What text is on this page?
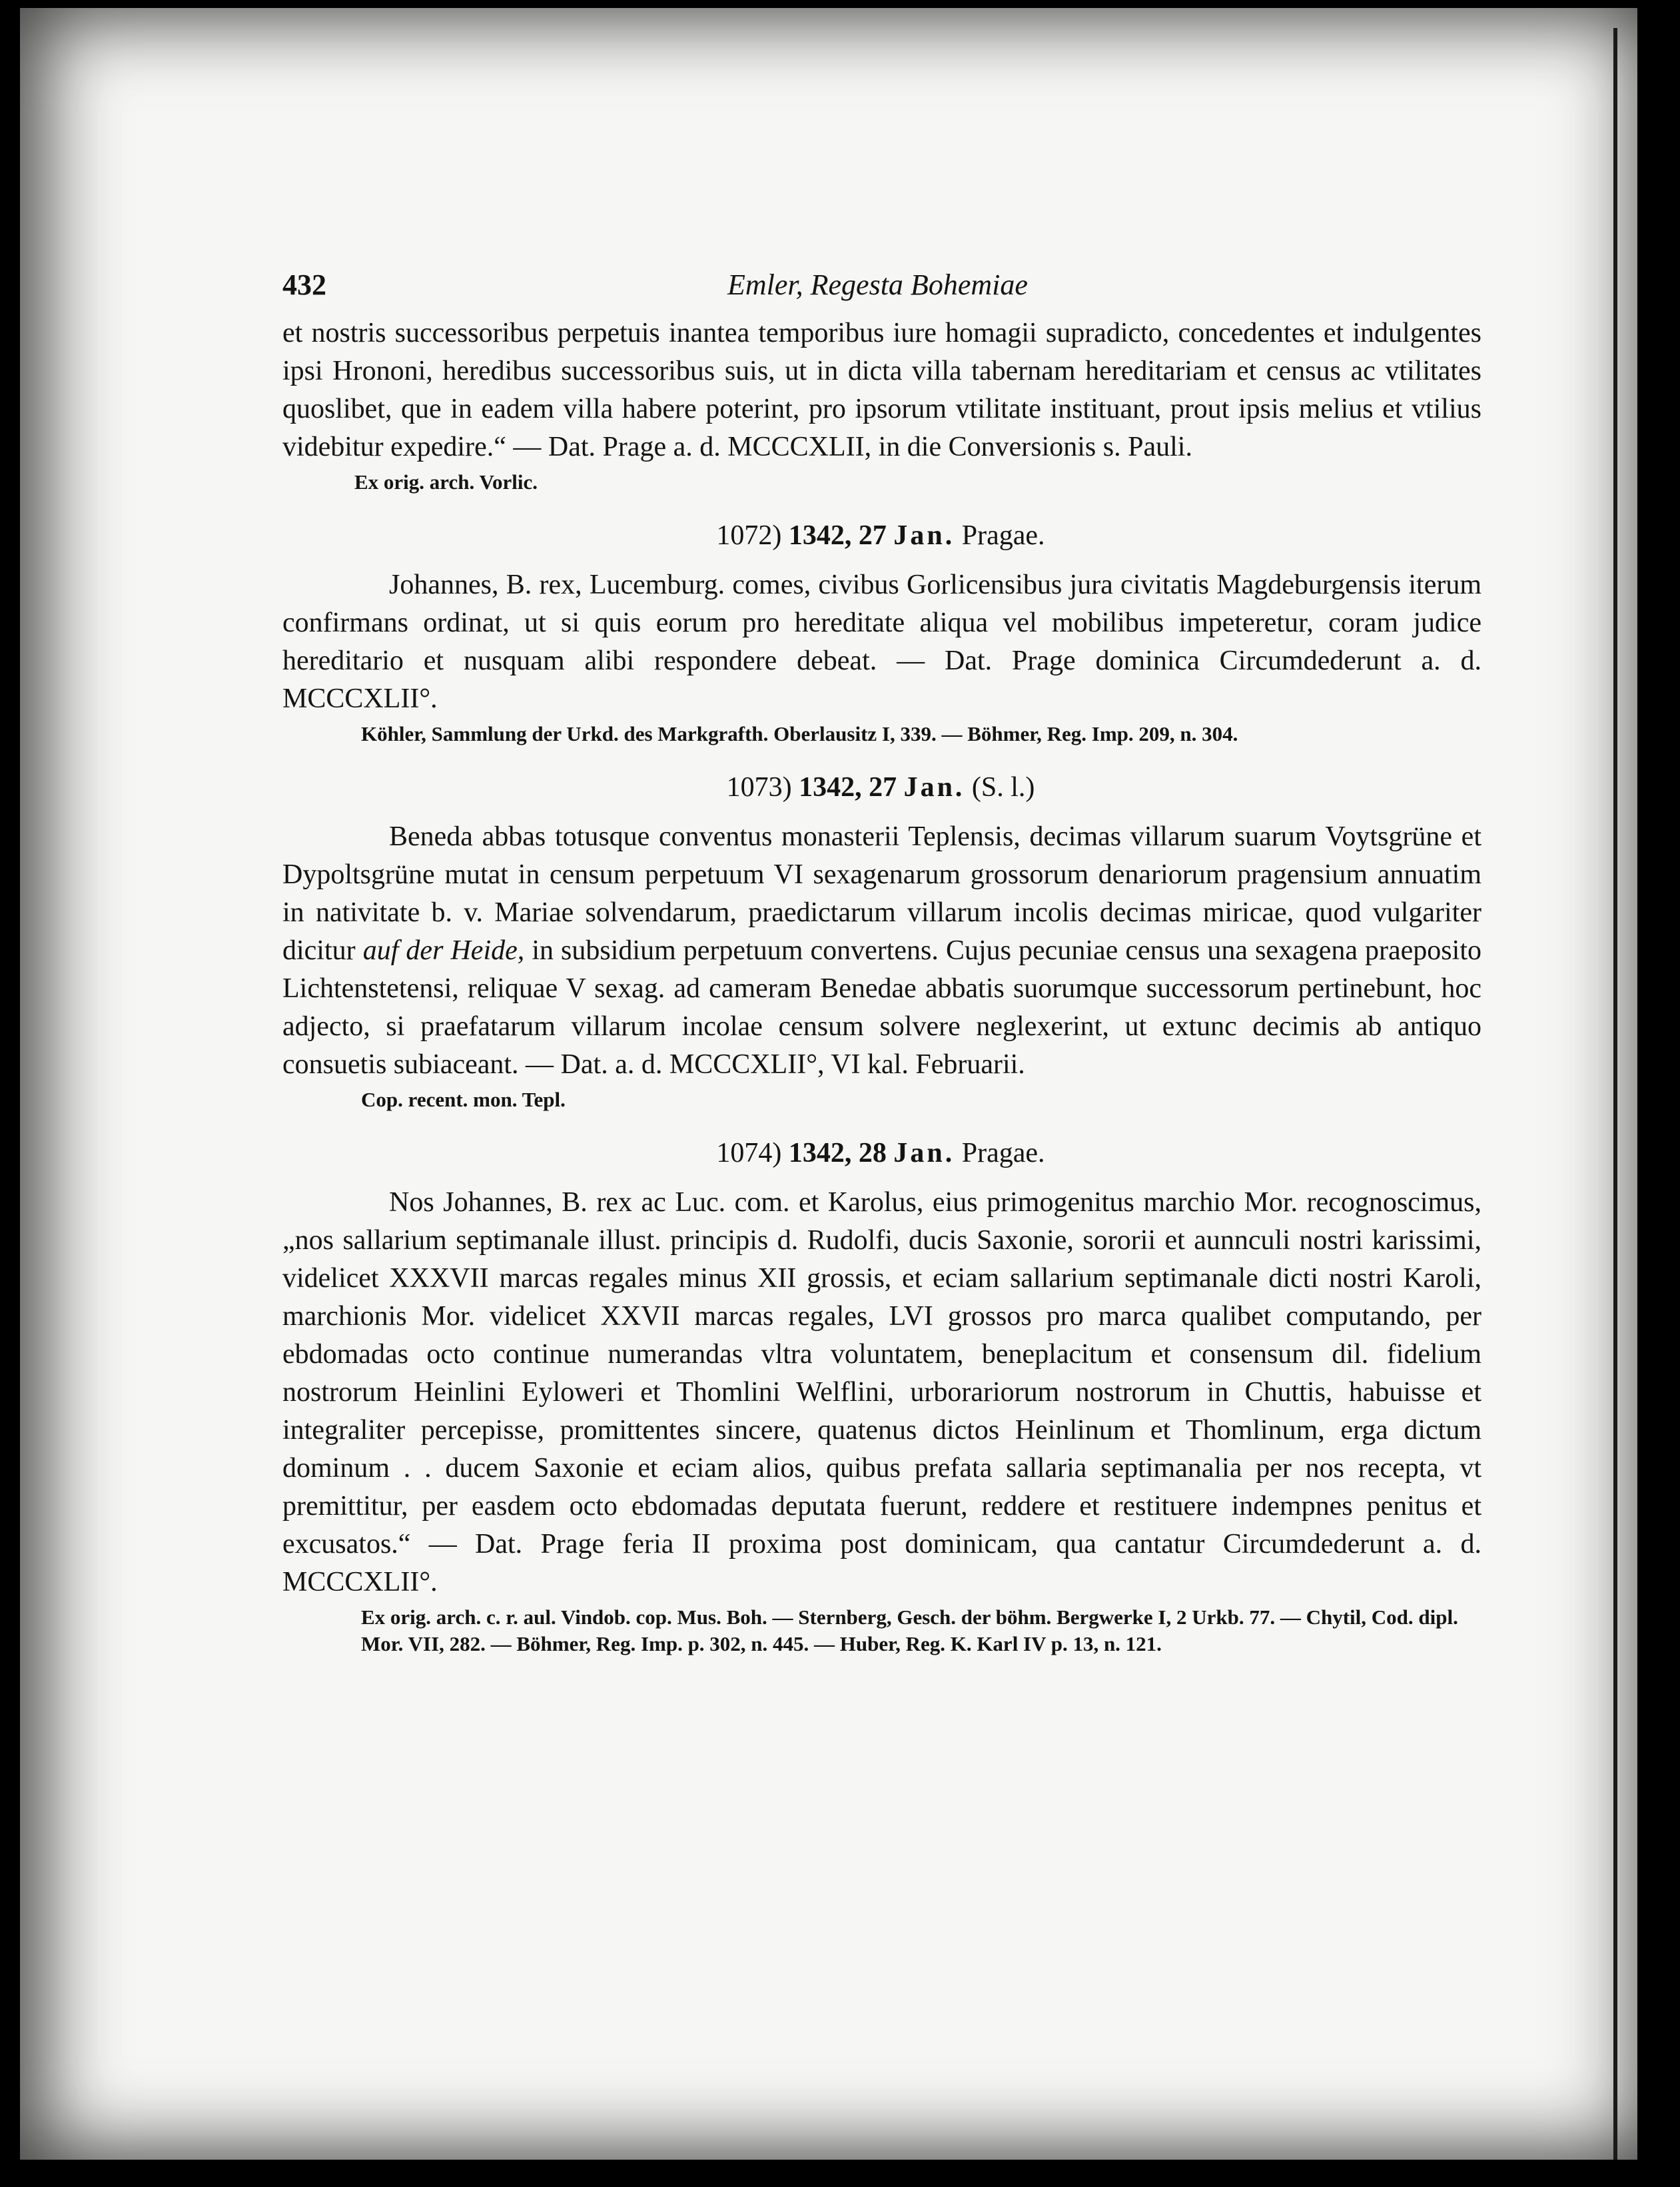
432	Emler, Regesta Bohemiae

et nostris successoribus perpetuis inantea temporibus iure homagii supradicto, concedentes et indulgentes ipsi Hrononi, heredibus successoribus suis, ut in dicta villa tabernam hereditariam et census ac vtilitates quoslibet, que in eadem villa habere poterint, pro ipsorum vtilitate instituant, prout ipsis melius et vtilius videbitur expedire.“ — Dat. Prage a. d. MCCCXLII, in die Conversionis s. Pauli.

Ex orig. arch. Vorlic.
1072) 1342, 27 Jan. Pragae.

Johannes, B. rex, Lucemburg. comes, civibus Gorlicensibus jura civitatis Magdeburgensis iterum confirmans ordinat, ut si quis eorum pro hereditate aliqua vel mobilibus impeteretur, coram judice hereditario et nusquam alibi respondere debeat. — Dat. Prage dominica Circumdederunt a. d. MCCCXLII°.

Köhler, Sammlung der Urkd. des Markgrafth. Oberlausitz I, 339. — Böhmer, Reg. Imp. 209, n. 304.
1073) 1342, 27 Jan. (S. l.)

Beneda abbas totusque conventus monasterii Teplensis, decimas villarum suarum Voytsgrüne et Dypoltsgrüne mutat in censum perpetuum VI sexagenarum grossorum denariorum pragensium annuatim in nativitate b. v. Mariae solvendarum, praedictarum villarum incolis decimas miricae, quod vulgariter dicitur auf der Heide, in subsidium perpetuum convertens. Cujus pecuniae census una sexagena praeposito Lichtenstetensi, reliquae V sexag. ad cameram Benedae abbatis suorumque successorum pertinebunt, hoc adjecto, si praefatarum villarum incolae censum solvere neglexerint, ut extunc decimis ab antiquo consuetis subiaceant. — Dat. a. d. MCCCXLII°, VI kal. Februarii.

Cop. recent. mon. Tepl.
1074) 1342, 28 Jan. Pragae.

Nos Johannes, B. rex ac Luc. com. et Karolus, eius primogenitus marchio Mor. recognoscimus, „nos sallarium septimanale illust. principis d. Rudolfi, ducis Saxonie, sororii et aunnculi nostri karissimi, videlicet XXXVII marcas regales minus XII grossis, et eciam sallarium septimanale dicti nostri Karoli, marchionis Mor. videlicet XXVII marcas regales, LVI grossos pro marca qualibet computando, per ebdomadas octo continue numerandas vltra voluntatem, beneplacitum et consensum dil. fidelium nostrorum Heinlini Eyloweri et Thomlini Welflini, urborariorum nostrorum in Chuttis, habuisse et integraliter percepisse, promittentes sincere, quatenus dictos Heinlinum et Thomlinum, erga dictum dominum . . ducem Saxonie et eciam alios, quibus prefata sallaria septimanalia per nos recepta, vt premittitur, per easdem octo ebdomadas deputata fuerunt, reddere et restituere indempnes penitus et excusatos.“ — Dat. Prage feria II proxima post dominicam, qua cantatur Circumdederunt a. d. MCCCXLII°.

Ex orig. arch. c. r. aul. Vindob. cop. Mus. Boh. — Sternberg, Gesch. der böhm. Bergwerke I, 2 Urkb. 77. — Chytil, Cod. dipl. Mor. VII, 282. — Böhmer, Reg. Imp. p. 302, n. 445. — Huber, Reg. K. Karl IV p. 13, n. 121.
